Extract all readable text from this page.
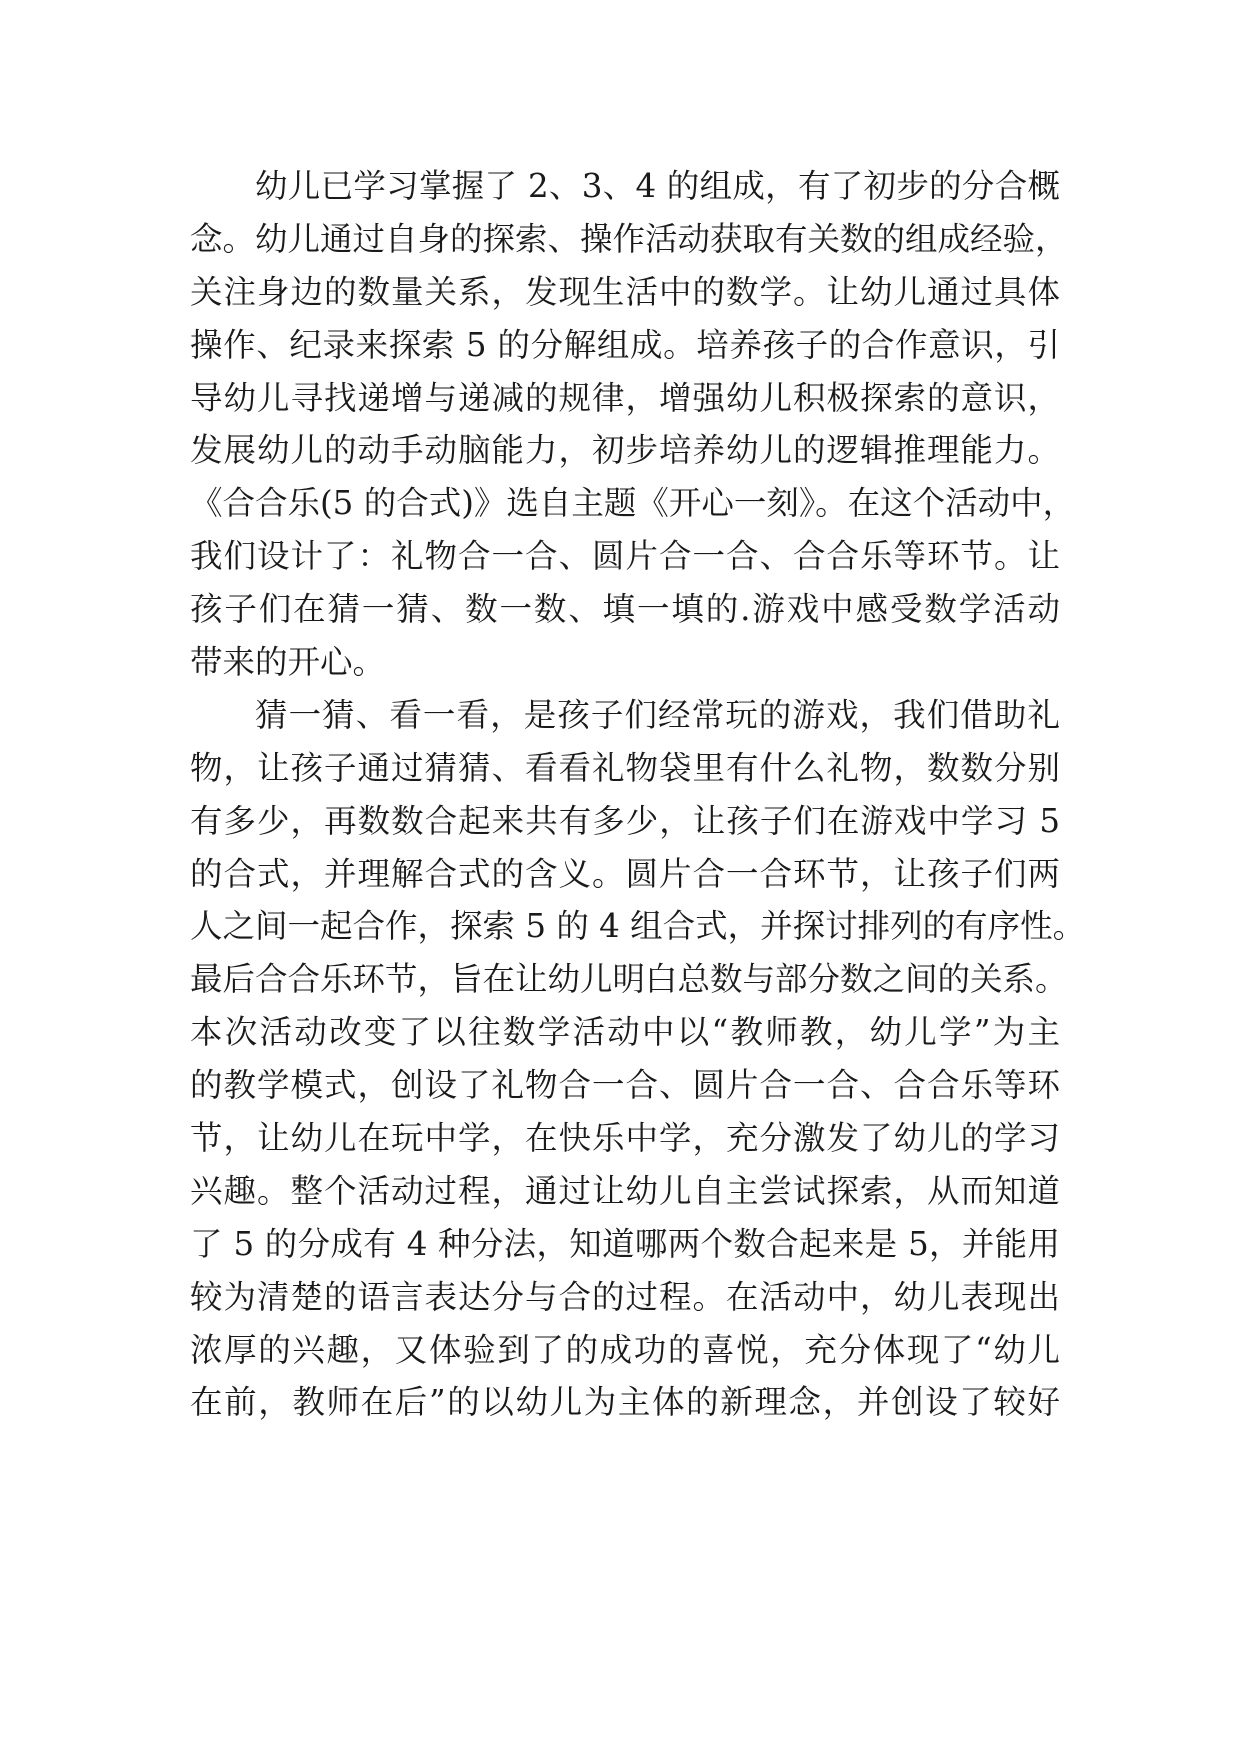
幼儿已学习掌握了 2、3、4 的组成，有了初步的分合概
念。幼儿通过自身的探索、操作活动获取有关数的组成经验，
关注身边的数量关系，发现生活中的数学。让幼儿通过具体
操作、纪录来探索 5 的分解组成。培养孩子的合作意识，引
导幼儿寻找递增与递减的规律，增强幼儿积极探索的意识，
发展幼儿的动手动脑能力，初步培养幼儿的逻辑推理能力。
《合合乐(5 的合式)》选自主题《开心一刻》。在这个活动中，
我们设计了：礼物合一合、圆片合一合、合合乐等环节。让
孩子们在猜一猜、数一数、填一填的.游戏中感受数学活动
带来的开心。
猜一猜、看一看，是孩子们经常玩的游戏，我们借助礼
物，让孩子通过猜猜、看看礼物袋里有什么礼物，数数分别
有多少，再数数合起来共有多少，让孩子们在游戏中学习 5
的合式，并理解合式的含义。圆片合一合环节，让孩子们两
人之间一起合作，探索 5 的 4 组合式，并探讨排列的有序性。
最后合合乐环节，旨在让幼儿明白总数与部分数之间的关系。
本次活动改变了以往数学活动中以“教师教，幼儿学”为主
的教学模式，创设了礼物合一合、圆片合一合、合合乐等环
节，让幼儿在玩中学，在快乐中学，充分激发了幼儿的学习
兴趣。整个活动过程，通过让幼儿自主尝试探索，从而知道
了 5 的分成有 4 种分法，知道哪两个数合起来是 5，并能用
较为清楚的语言表达分与合的过程。在活动中，幼儿表现出
浓厚的兴趣，又体验到了的成功的喜悦，充分体现了“幼儿
在前，教师在后”的以幼儿为主体的新理念，并创设了较好
